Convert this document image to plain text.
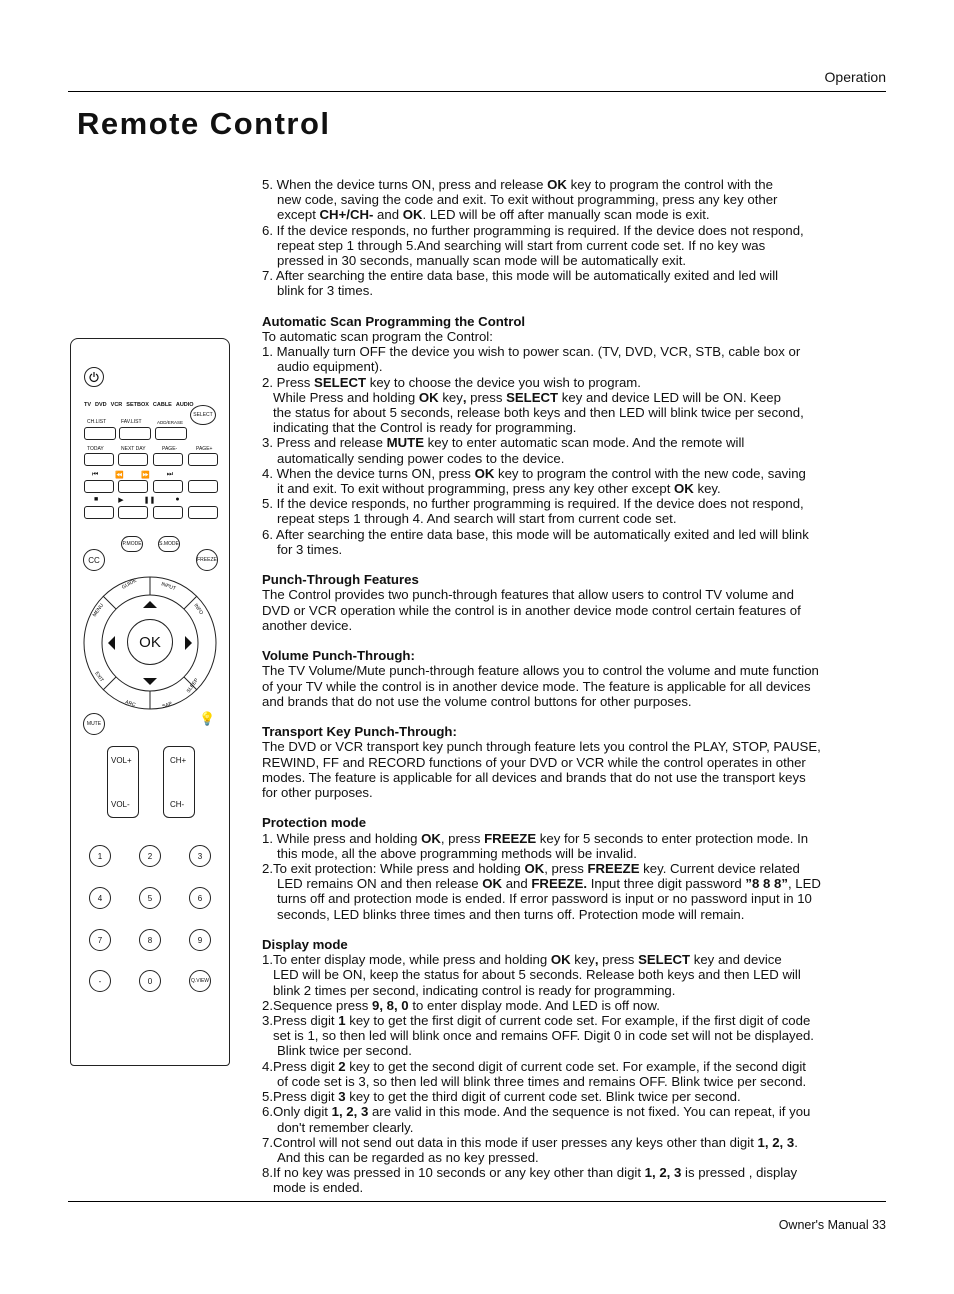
Operation
Remote Control
TV DVD VCR SETBOX CABLE AUDIO
SELECT
CH.LIST	FAV.LIST	ADD/ERASE
TODAY	NEXT DAY	PAGE-	PAGE+
⏮ ⏪ ⏩ ⏭
■	▶	❚❚	●
P.MODE	S.MODE
CC	FREEZE
GUIDE	INPUT
MENU	INFO
EXIT
SLEEP
ARC	SAP
OK
MUTE	💡
VOL+
VOL-
CH+
CH-
1	2	3
4	5	6
7	8	9
-	0	Q.VIEW

5. When the device turns ON, press and release OK key to program the control with the

new code, saving the code and exit. To exit without programming, press any key other

except CH+/CH- and OK. LED will be off after manually scan mode is exit.

6. If the device responds, no further programming is required. If the device does not respond,

repeat step 1 through 5.And searching will start from current code set. If no key was

pressed in 30 seconds, manually scan mode will be automatically exit.

7. After searching the entire data base, this mode will be automatically exited and led will

blink for 3 times.

Automatic Scan Programming the Control

To automatic scan program the Control:

1. Manually turn OFF the device you wish to power scan. (TV, DVD, VCR, STB, cable box or

audio equipment).

2. Press SELECT key to choose the device you wish to program.

While Press and holding OK key, press SELECT key and device LED will be ON. Keep

the status for about 5 seconds, release both keys and then LED will blink twice per second,

indicating that the Control is ready for programming.

3. Press and release MUTE key to enter automatic scan mode. And the remote will

automatically sending power codes to the device.

4. When the device turns ON, press OK key to program the control with the new code, saving

it and exit. To exit without programming, press any key other except OK key.

5. If the device responds, no further programming is required. If the device does not respond,

repeat steps 1 through 4. And search will start from current code set.

6. After searching the entire data base, this mode will be automatically exited and led will blink

for 3 times.

Punch-Through Features

The Control provides two punch-through features that allow users to control TV volume and

DVD or VCR operation while the control is in another device mode control certain features of

another device.

Volume Punch-Through:

The TV Volume/Mute punch-through feature allows you to control the volume and mute function

of your TV while the control is in another device mode. The feature is applicable for all devices

and brands that do not use the volume control buttons for other purposes.

Transport Key Punch-Through:

The DVD or VCR transport key punch through feature lets you control the PLAY, STOP, PAUSE,

REWIND, FF and RECORD functions of your DVD or VCR while the control operates in other

modes. The feature is applicable for all devices and brands that do not use the transport keys

for other purposes.

Protection mode

1. While press and holding OK, press FREEZE key for 5 seconds to enter protection mode. In

this mode, all the above programming methods will be invalid.

2.To exit protection: While press and holding OK, press FREEZE key. Current device related

LED remains ON and then release OK and FREEZE. Input three digit password ”8 8 8”, LED

turns off and protection mode is ended. If error password is input or no password input in 10

seconds, LED blinks three times and then turns off. Protection mode will remain.

Display mode

1.To enter display mode, while press and holding OK key, press SELECT key and device

LED will be ON, keep the status for about 5 seconds. Release both keys and then LED will

blink 2 times per second, indicating control is ready for programming.

2.Sequence press 9, 8, 0 to enter display mode. And LED is off now.

3.Press digit 1 key to get the first digit of current code set. For example, if the first digit of code

set is 1, so then led will blink once and remains OFF. Digit 0 in code set will not be displayed.

Blink twice per second.

4.Press digit 2 key to get the second digit of current code set. For example, if the second digit

of code set is 3, so then led will blink three times and remains OFF. Blink twice per second.

5.Press digit 3 key to get the third digit of current code set. Blink twice per second.

6.Only digit 1, 2, 3 are valid in this mode. And the sequence is not fixed. You can repeat, if you

don't remember clearly.

7.Control will not send out data in this mode if user presses any keys other than digit 1, 2, 3.

And this can be regarded as no key pressed.

8.If no key was pressed in 10 seconds or any key other than digit 1, 2, 3 is pressed , display

mode is ended.

Owner's Manual 33
